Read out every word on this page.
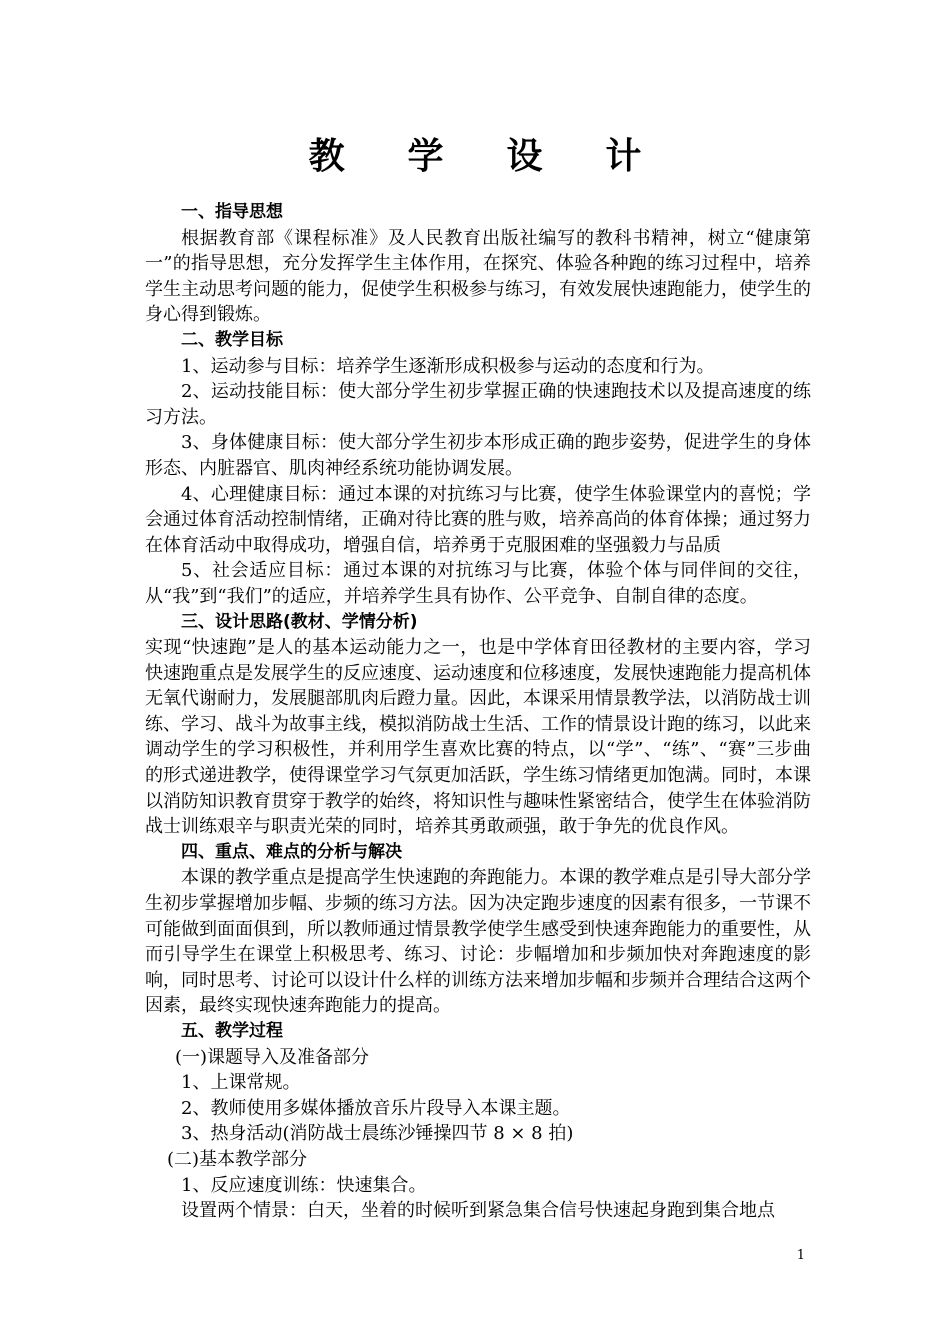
教 学 设 计
一、指导思想

根据教育部《课程标准》及人民教育出版社编写的教科书精神，树立“健康第一”的指导思想，充分发挥学生主体作用，在探究、体验各种跑的练习过程中，培养学生主动思考问题的能力，促使学生积极参与练习，有效发展快速跑能力，使学生的身心得到锻炼。

二、教学目标

1、运动参与目标：培养学生逐渐形成积极参与运动的态度和行为。

2、运动技能目标：使大部分学生初步掌握正确的快速跑技术以及提高速度的练习方法。

3、身体健康目标：使大部分学生初步本形成正确的跑步姿势，促进学生的身体形态、内脏器官、肌肉神经系统功能协调发展。

4、心理健康目标：通过本课的对抗练习与比赛，使学生体验课堂内的喜悦；学会通过体育活动控制情绪，正确对待比赛的胜与败，培养高尚的体育体操；通过努力在体育活动中取得成功，增强自信，培养勇于克服困难的坚强毅力与品质

5、社会适应目标：通过本课的对抗练习与比赛，体验个体与同伴间的交往，从“我”到“我们”的适应，并培养学生具有协作、公平竞争、自制自律的态度。

三、设计思路(教材、学情分析)

实现“快速跑”是人的基本运动能力之一，也是中学体育田径教材的主要内容，学习快速跑重点是发展学生的反应速度、运动速度和位移速度，发展快速跑能力提高机体无氧代谢耐力，发展腿部肌肉后蹬力量。因此，本课采用情景教学法，以消防战士训练、学习、战斗为故事主线，模拟消防战士生活、工作的情景设计跑的练习，以此来调动学生的学习积极性，并利用学生喜欢比赛的特点，以“学”、“练”、“赛”三步曲的形式递进教学，使得课堂学习气氛更加活跃，学生练习情绪更加饱满。同时，本课以消防知识教育贯穿于教学的始终，将知识性与趣味性紧密结合，使学生在体验消防战士训练艰辛与职责光荣的同时，培养其勇敢顽强，敢于争先的优良作风。

四、重点、难点的分析与解决

本课的教学重点是提高学生快速跑的奔跑能力。本课的教学难点是引导大部分学生初步掌握增加步幅、步频的练习方法。因为决定跑步速度的因素有很多，一节课不可能做到面面俱到，所以教师通过情景教学使学生感受到快速奔跑能力的重要性，从而引导学生在课堂上积极思考、练习、讨论：步幅增加和步频加快对奔跑速度的影响，同时思考、讨论可以设计什么样的训练方法来增加步幅和步频并合理结合这两个因素，最终实现快速奔跑能力的提高。

五、教学过程
(一)课题导入及准备部分

1、上课常规。

2、教师使用多媒体播放音乐片段导入本课主题。

3、热身活动(消防战士晨练沙锤操四节 8 × 8 拍)

(二)基本教学部分

1、反应速度训练：快速集合。

设置两个情景：白天，坐着的时候听到紧急集合信号快速起身跑到集合地点

1
